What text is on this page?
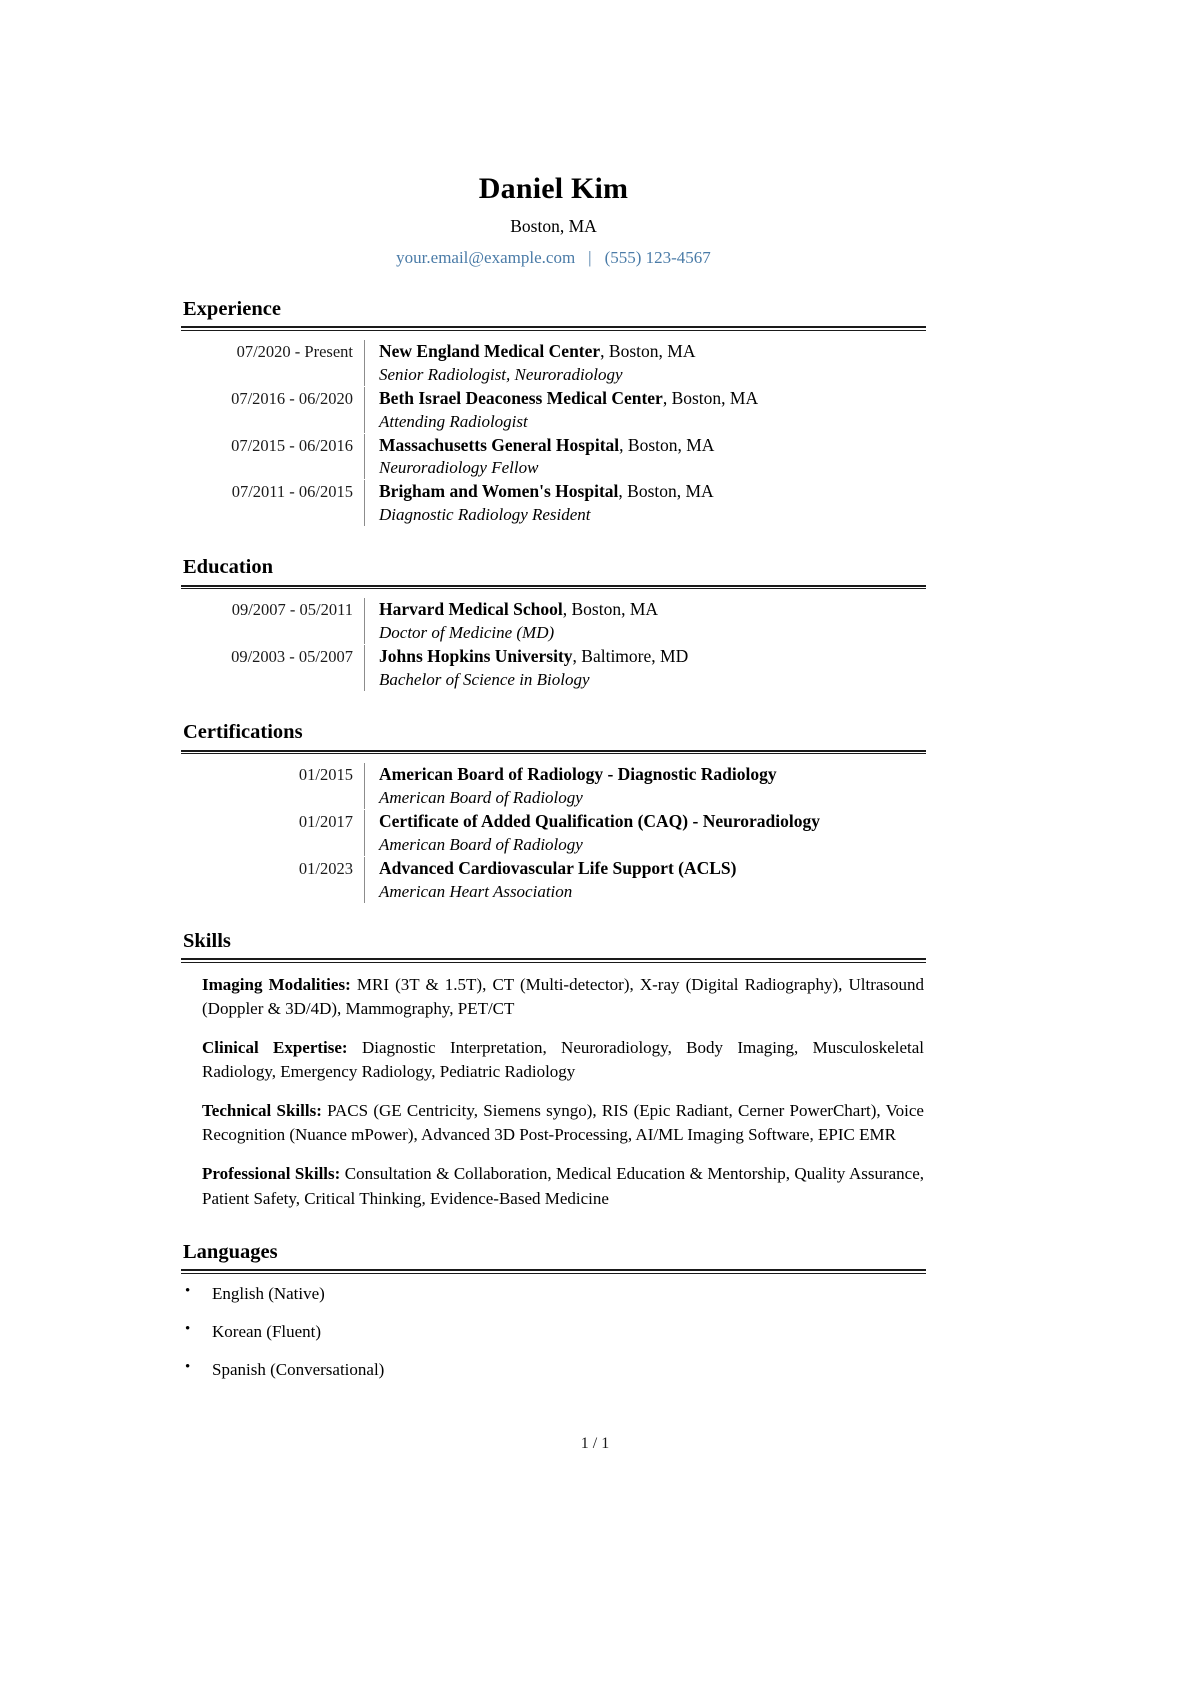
Daniel Kim
Boston, MA
your.email@example.com | (555) 123-4567
Experience
07/2020 - Present	New England Medical Center, Boston, MA
Senior Radiologist, Neuroradiology
07/2016 - 06/2020	Beth Israel Deaconess Medical Center, Boston, MA
Attending Radiologist
07/2015 - 06/2016	Massachusetts General Hospital, Boston, MA
Neuroradiology Fellow
07/2011 - 06/2015	Brigham and Women's Hospital, Boston, MA
Diagnostic Radiology Resident
Education
09/2007 - 05/2011	Harvard Medical School, Boston, MA
Doctor of Medicine (MD)
09/2003 - 05/2007	Johns Hopkins University, Baltimore, MD
Bachelor of Science in Biology
Certifications
01/2015	American Board of Radiology - Diagnostic Radiology
American Board of Radiology
01/2017	Certificate of Added Qualification (CAQ) - Neuroradiology
American Board of Radiology
01/2023	Advanced Cardiovascular Life Support (ACLS)
American Heart Association
Skills

Imaging Modalities: MRI (3T & 1.5T), CT (Multi-detector), X-ray (Digital Radiography), Ultrasound (Doppler & 3D/4D), Mammography, PET/CT

Clinical Expertise: Diagnostic Interpretation, Neuroradiology, Body Imaging, Musculoskeletal Radiology, Emergency Radiology, Pediatric Radiology

Technical Skills: PACS (GE Centricity, Siemens syngo), RIS (Epic Radiant, Cerner PowerChart), Voice Recognition (Nuance mPower), Advanced 3D Post-Processing, AI/ML Imaging Software, EPIC EMR

Professional Skills: Consultation & Collaboration, Medical Education & Mentorship, Quality Assurance, Patient Safety, Critical Thinking, Evidence-Based Medicine

Languages
• English (Native)
• Korean (Fluent)
• Spanish (Conversational)
1 / 1
